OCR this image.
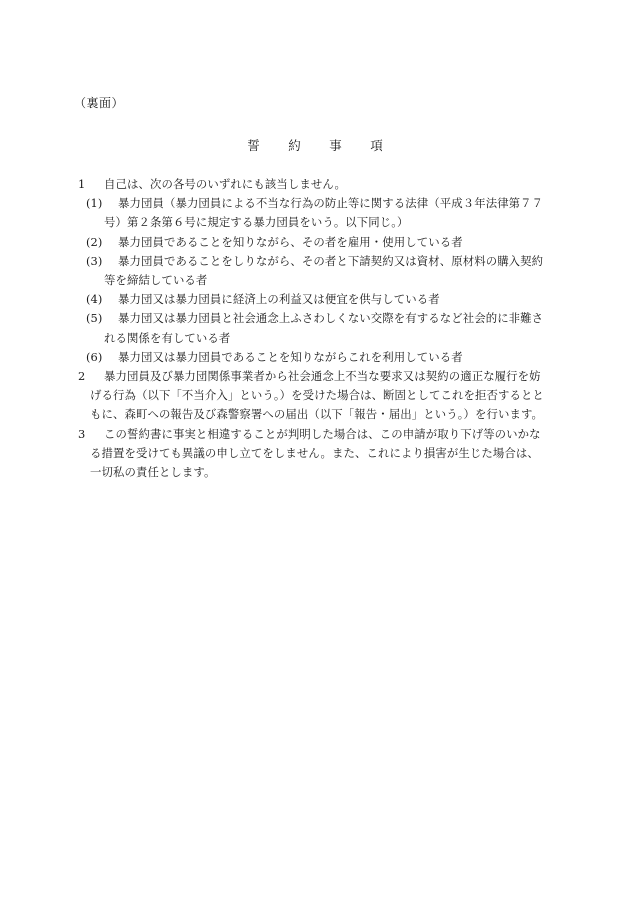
（裏面）
誓　約　事　項
1	自己は、次の各号のいずれにも該当しません。
(1)	暴力団員（暴力団員による不当な行為の防止等に関する法律（平成３年法律第７７
号）第２条第６号に規定する暴力団員をいう。以下同じ。）
(2)	暴力団員であることを知りながら、その者を雇用・使用している者
(3)	暴力団員であることをしりながら、その者と下請契約又は資材、原材料の購入契約
等を締結している者
(4)	暴力団又は暴力団員に経済上の利益又は便宜を供与している者
(5)	暴力団又は暴力団員と社会通念上ふさわしくない交際を有するなど社会的に非難さ
れる関係を有している者
(6)	暴力団又は暴力団員であることを知りながらこれを利用している者
2	暴力団員及び暴力団関係事業者から社会通念上不当な要求又は契約の適正な履行を妨
げる行為（以下「不当介入」という。）を受けた場合は、断固としてこれを拒否するとと
もに、森町への報告及び森警察署への届出（以下「報告・届出」という。）を行います。
3	この誓約書に事実と相違することが判明した場合は、この申請が取り下げ等のいかな
る措置を受けても異議の申し立てをしません。また、これにより損害が生じた場合は、
一切私の責任とします。
